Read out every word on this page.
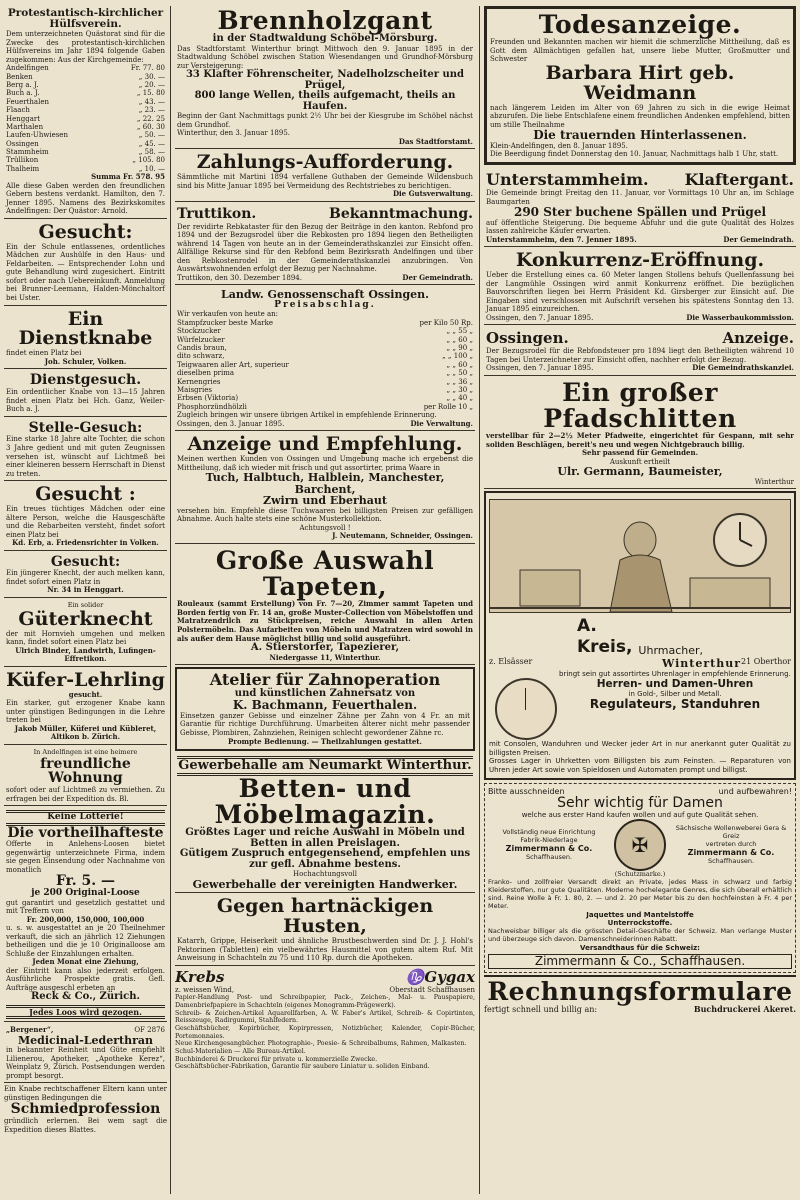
Protestantisch-kirchlicher Hülfsverein.
Dem unterzeichneten Quästorat sind für die Zwecke des protestantisch-kirchlichen Hülfsvereins im Jahr 1894 folgende Gaben zugekommen: Aus der Kirchgemeinde:
Andelfingen	Fr. 77. 80
Benken	„ 30. —
Berg a. J.	„ 20. —
Buch a. J.	„ 15. 80
Feuerthalen	„ 43. —
Flaach	„ 23. —
Henggart	„ 22. 25
Marthalen	„ 60. 30
Laufen-Uhwiesen	„ 50. —
Ossingen	„ 45. —
Stammheim	„ 58. —
Trüllikon	„ 105. 80
Thalheim	„ 10. —
Summa Fr. 578. 95
Alle diese Gaben werden den freundlichen Gebern bestens verdankt. Hamilton, den 7. Jenner 1895. Namens des Bezirkskomites Andelfingen: Der Quästor: Arnold.
Gesucht:
Ein der Schule entlassenes, ordentliches Mädchen zur Aushülfe in den Haus- und Feldarbeiten. — Entsprechender Lohn und gute Behandlung wird zugesichert. Eintritt sofort oder nach Uebereinkunft. Anmeldung bei Brunner-Leemann, Halden-Mönchaltorf bei Uster.
Ein Dienstknabe
findet einen Platz bei
Joh. Schuler, Volken.
Dienstgesuch.
Ein ordentlicher Knabe von 13—15 Jahren findet einen Platz bei Hch. Ganz, Weiler-Buch a. J.
Stelle-Gesuch:
Eine starke 18 Jahre alte Tochter, die schon 3 Jahre gedient und mit guten Zeugnissen versehen ist, wünscht auf Lichtmeß bei einer kleineren bessern Herrschaft in Dienst zu treten.
Gesucht :
Ein treues tüchtiges Mädchen oder eine ältere Person, welche die Hausgeschäfte und die Rebarbeiten versteht, findet sofort einen Platz bei
Kd. Erb, a. Friedensrichter in Volken.
Gesucht:
Ein jüngerer Knecht, der auch melken kann, findet sofort einen Platz in
Nr. 34 in Henggart.
Ein solider
Güterknecht
der mit Hornvieh umgehen und melken kann, findet sofort einen Platz bei
Ulrich Binder, Landwirth, Lufingen-Effretikon.
Küfer-Lehrling
gesucht.
Ein starker, gut erzogener Knabe kann unter günstigen Bedingungen in die Lehre treten bei
Jakob Müller, Küferei und Kübleret, Altikon b. Zürich.
In Andelfingen ist eine heimere
freundliche Wohnung
sofort oder auf Lichtmeß zu vermiethen. Zu erfragen bei der Expedition ds. Bl.
Keine Lotterie!
Die vortheilhafteste
Offerte in Anlehens-Loosen bietet gegenwärtig unterzeichnete Firma, indem sie gegen Einsendung oder Nachnahme von monatlich
Fr. 5. —
je 200 Original-Loose
gut garantirt und gesetzlich gestattet und mit Treffern von
Fr. 200,000, 150,000, 100,000
u. s. w. ausgestattet an je 20 Theilnehmer verkauft, die sich an jährlich 12 Ziehungen betheiligen und die je 10 Originalloose am Schluße der Einzahlungen erhalten.
Jeden Monat eine Ziehung,
der Eintritt kann also jederzeit erfolgen. Ausführliche Prospekte gratis. Gefl. Aufträge ausgeschl erbeten an
Reck & Co., Zürich.
Jedes Loos wird gezogen.
„Bergener“,	OF 2876
Medicinal-Lederthran
in bekannter Reinheit und Güte empfiehlt Lilienerou, Apotheker, „Apotheke Kerez“, Weinplatz 9, Zürich. Postsendungen werden prompt besorgt.
Ein Knabe rechtschaffener Eltern kann unter günstigen Bedingungen die
Schmiedprofession
gründlich erlernen. Bei wem sagt die Expedition dieses Blattes.
Brennholzgant
in der Stadtwaldung Schöbel-Mörsburg.
Das Stadtforstamt Winterthur bringt Mittwoch den 9. Januar 1895 in der Stadtwaldung Schöbel zwischen Station Wiesendangen und Grundhof-Mörsburg zur Versteigerung:
33 Klafter Föhrenscheiter, Nadelholzscheiter und Prügel,
800 lange Wellen, theils aufgemacht, theils an Haufen.
Beginn der Gant Nachmittags punkt 2½ Uhr bei der Kiesgrube im Schöbel nächst dem Grundhof.
Winterthur, den 3. Januar 1895.
Das Stadtforstamt.
Zahlungs-Aufforderung.
Sämmtliche mit Martini 1894 verfallene Guthaben der Gemeinde Wildensbuch sind bis Mitte Januar 1895 bei Vermeidung des Rechtstriebes zu berichtigen.
Die Gutsverwaltung.
Truttikon.	Bekanntmachung.
Der revidirte Rebkataster für den Bezug der Beiträge in den kanton. Rebfond pro 1894 und der Bezugsrodel über die Rebkosten pro 1894 liegen den Betheiligten während 14 Tagen von heute an in der Gemeinderathskanzlei zur Einsicht offen. Allfällige Rekurse sind für den Rebfond beim Bezirksrath Andelfingen und über den Rebkostenrodel in der Gemeinderathskanzlei anzubringen. Von Auswärtswohnenden erfolgt der Bezug per Nachnahme.
Truttikon, den 30. Dezember 1894.	Der Gemeindrath.
Landw. Genossenschaft Ossingen.
Preisabschlag.
Wir verkaufen von heute an:
Stampfzucker beste Marke	per Kilo 50 Rp.
Stockzucker	„ „ 55 „
Würfelzucker	„ „ 60 „
Candis braun,	„ „ 90 „
dito schwarz,	„ „ 100 „
Teigwaaren aller Art, superieur	„ „ 60 „
dieselben prima	„ „ 50 „
Kernengries	„ „ 36 „
Maisgries	„ „ 30 „
Erbsen (Viktoria)	„ „ 40 „
Phosphorzündhölzli	per Rolle 10 „
Zugleich bringen wir unsere übrigen Artikel in empfehlende Erinnerung.
Ossingen, den 3. Januar 1895.	Die Verwaltung.
Anzeige und Empfehlung.
Meinen werthen Kunden von Ossingen und Umgebung mache ich ergebenst die Mittheilung, daß ich wieder mit frisch und gut assortirter, prima Waare in
Tuch, Halbtuch, Halblein, Manchester, Barchent,
Zwirn und Eberhaut
versehen bin. Empfehle diese Tuchwaaren bei billigsten Preisen zur gefälligen Abnahme. Auch halte stets eine schöne Musterkollektion.
Achtungsvoll !
J. Neutemann, Schneider, Ossingen.
Große Auswahl Tapeten,
Rouleaux (sammt Erstellung) von Fr. 7—20, Zimmer sammt Tapeten und Borden fertig von Fr. 14 an, große Muster-Collection von Möbelstoffen und Matratzendrilch zu Stückpreisen, reiche Auswahl in allen Arten Polstermöbeln. Das Aufarbeiten von Möbeln und Matratzen wird sowohl in als außer dem Hause möglichst billig und solid ausgeführt.
A. Stierstorfer, Tapezierer,
Niedergasse 11, Winterthur.
Atelier für Zahnoperation
und künstlichen Zahnersatz von
K. Bachmann, Feuerthalen.
Einsetzen ganzer Gebisse und einzelner Zähne per Zahn von 4 Fr. an mit Garantie für richtige Durchführung. Umarbeiten älterer nicht mehr passender Gebisse, Plombiren, Zahnziehen, Reinigen schlecht gewordener Zähne rc.
Prompte Bedienung. — Theilzahlungen gestattet.
Gewerbehalle am Neumarkt Winterthur.
Betten- und Möbelmagazin.
Größtes Lager und reiche Auswahl in Möbeln und Betten in allen Preislagen.
Gütigem Zuspruch entgegensehend, empfehlen uns zur gefl. Abnahme bestens.
Hochachtungsvoll
Gewerbehalle der vereinigten Handwerker.
Gegen hartnäckigen Husten,
Katarrh, Grippe, Heiserkeit und ähnliche Brustbeschwerden sind Dr. J. J. Hohl's Pektorinen (Tabletten) ein vielbewährtes Hausmittel von gutem altem Ruf. Mit Anweisung in Schachteln zu 75 und 110 Rp. durch die Apotheken.
Krebs	♑ Gygax
z. weissen Wind,	Oberstadt Schaffhausen
Papier-Handlung Post- und Schreibpapier, Pack-, Zeichen-, Mal- u. Pauspapiere, Damenbriefpapiere in Schachteln (eigenes Monogramm-Prägewerk).
Schreib- & Zeichen-Artikel Aquarellfarben, A. W. Faber's Artikel, Schreib- & Copirtinten, Reisszeuge, Radirgummi, Stahlfedern.
Geschäftsbücher, Kopirbücher, Kopirpressen, Notizbücher, Kalender, Copir-Bücher, Portemonnaies.
Neue Kirchengesangbücher. Photographie-, Poesie- & Schreibalbums, Rahmen, Malkasten.
Schul-Materialien — Alle Bureau-Artikel.
Buchbinderei & Druckerei für private u. kommerzielle Zwecke.
Geschäftsbücher-Fabrikation, Garantie für saubere Liniatur u. soliden Einband.
Todesanzeige.
Freunden und Bekannten machen wir hiemit die schmerzliche Mittheilung, daß es Gott dem Allmächtigen gefallen hat, unsere liebe Mutter, Großmutter und Schwester
Barbara Hirt geb. Weidmann
nach längerem Leiden im Alter von 69 Jahren zu sich in die ewige Heimat abzurufen. Die liebe Entschlafene einem freundlichen Andenken empfehlend, bitten um stille Theilnahme
Die trauernden Hinterlassenen.
Klein-Andelfingen, den 8. Januar 1895.
Die Beerdigung findet Donnerstag den 10. Januar, Nachmittags halb 1 Uhr, statt.
Unterstammheim.	Klaftergant.
Die Gemeinde bringt Freitag den 11. Januar, vor Vormittags 10 Uhr an, im Schlage Baumgarten
290 Ster buchene Spällen und Prügel
auf öffentliche Steigerung. Die bequeme Abfuhr und die gute Qualität des Holzes lassen zahlreiche Käufer erwarten.
Unterstammheim, den 7. Jenner 1895.	Der Gemeindrath.
Konkurrenz-Eröffnung.
Ueber die Erstellung eines ca. 60 Meter langen Stollens behufs Quellenfassung bei der Langmühle Ossingen wird anmit Konkurrenz eröffnet. Die bezüglichen Bauvorschriften liegen bei Herrn Präsident Kd. Girsberger zur Einsicht auf. Die Eingaben sind verschlossen mit Aufschrift versehen bis spätestens Sonntag den 13. Januar 1895 einzureichen.
Ossingen, den 7. Januar 1895.	Die Wasserbaukommission.
Ossingen.	Anzeige.
Der Bezugsrodel für die Rebfondsteuer pro 1894 liegt den Betheiligten während 10 Tagen bei Unterzeichneter zur Einsicht offen, nachher erfolgt der Bezug.
Ossingen, den 7. Januar 1895.	Die Gemeindrathskanzlei.
Ein großer Pfadschlitten
verstellbar für 2—2½ Meter Pfadweite, eingerichtet für Gespann, mit sehr soliden Beschlägen, bereit's neu und wegen Nichtgebrauch billig.
Sehr passend für Gemeinden.
Auskunft ertheilt
Ulr. Germann, Baumeister,
Winterthur
A. Kreis, Uhrmacher,
z. Elsässer	Winterthur 21 Oberthor
bringt sein gut assortirtes Uhrenlager in empfehlende Erinnerung.
Herren- und Damen-Uhren
in Gold-, Silber und Metall.
Regulateurs, Standuhren
mit Consolen, Wanduhren und Wecker jeder Art in nur anerkannt guter Qualität zu billigsten Preisen.
Grosses Lager in Uhrketten vom Billigsten bis zum Feinsten. — Reparaturen von Uhren jeder Art sowie von Spieldosen und Automaten prompt und billigst.
Bitte ausschneiden	und aufbewahren!
Sehr wichtig für Damen
welche aus erster Hand kaufen wollen und auf gute Qualität sehen.
Vollständig neue Einrichtung
Fabrik-Niederlage
Zimmermann & Co.
Schaffhausen.	✠
Sächsische Wollenweberei Gera & Greiz
vertreten durch
Zimmermann & Co.
Schaffhausen.
(Schutzmarke.)
Franko- und zollfreier Versandt direkt an Private, jedes Mass in schwarz und farbig Kleiderstoffen, nur gute Qualitäten. Moderne hochelegante Genres, die sich überall erhältlich sind. Reine Wolle à Fr. 1. 80, 2. — und 2. 20 per Meter bis zu den hochfeinsten à Fr. 4 per Meter.
Jaquettes und Mantelstoffe
Unterrockstoffe.
Nachweisbar billiger als die grössten Detail-Geschäfte der Schweiz. Man verlange Muster und überzeuge sich davon. Damenschneiderinnen Rabatt.
Versandthaus für die Schweiz:
Zimmermann & Co., Schaffhausen.
Rechnungsformulare
fertigt schnell und billig an:	Buchdruckerei Akeret.
